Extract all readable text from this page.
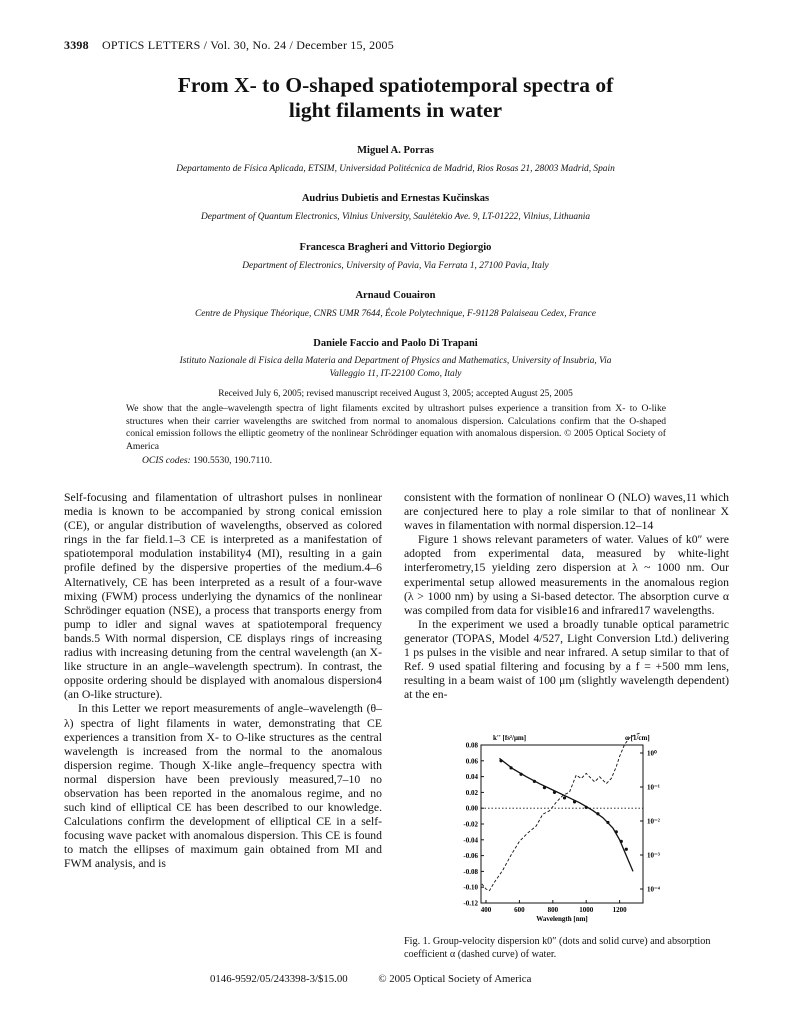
3398 OPTICS LETTERS / Vol. 30, No. 24 / December 15, 2005
From X- to O-shaped spatiotemporal spectra of
light filaments in water
Miguel A. Porras
Departamento de Física Aplicada, ETSIM, Universidad Politécnica de Madrid, Rios Rosas 21, 28003 Madrid, Spain
Audrius Dubietis and Ernestas Kučinskas
Department of Quantum Electronics, Vilnius University, Saulėtekio Ave. 9, LT-01222, Vilnius, Lithuania
Francesca Bragheri and Vittorio Degiorgio
Department of Electronics, University of Pavia, Via Ferrata 1, 27100 Pavia, Italy
Arnaud Couairon
Centre de Physique Théorique, CNRS UMR 7644, École Polytechnique, F-91128 Palaiseau Cedex, France
Daniele Faccio and Paolo Di Trapani
Istituto Nazionale di Fisica della Materia and Department of Physics and Mathematics, University of Insubria, Via
Valleggio 11, IT-22100 Como, Italy
Received July 6, 2005; revised manuscript received August 3, 2005; accepted August 25, 2005
We show that the angle–wavelength spectra of light filaments excited by ultrashort pulses experience a transition from X- to O-like structures when their carrier wavelengths are switched from normal to anomalous dispersion. Calculations confirm that the O-shaped conical emission follows the elliptic geometry of the nonlinear Schrödinger equation with anomalous dispersion. © 2005 Optical Society of America
OCIS codes: 190.5530, 190.7110.

Self-focusing and filamentation of ultrashort pulses in nonlinear media is known to be accompanied by strong conical emission (CE), or angular distribution of wavelengths, observed as colored rings in the far field.1–3 CE is interpreted as a manifestation of spatiotemporal modulation instability4 (MI), resulting in a gain profile defined by the dispersive properties of the medium.4–6 Alternatively, CE has been interpreted as a result of a four-wave mixing (FWM) process underlying the dynamics of the nonlinear Schrödinger equation (NSE), a process that transports energy from pump to idler and signal waves at spatiotemporal frequency bands.5 With normal dispersion, CE displays rings of increasing radius with increasing detuning from the central wavelength (an X-like structure in an angle–wavelength spectrum). In contrast, the opposite ordering should be displayed with anomalous dispersion4 (an O-like structure).

In this Letter we report measurements of angle–wavelength (θ–λ) spectra of light filaments in water, demonstrating that CE experiences a transition from X- to O-like structures as the central wavelength is increased from the normal to the anomalous dispersion regime. Though X-like angle–frequency spectra with normal dispersion have been previously measured,7–10 no observation has been reported in the anomalous regime, and no such kind of elliptical CE has been described to our knowledge. Calculations confirm the development of elliptical CE in a self-focusing wave packet with anomalous dispersion. This CE is found to match the ellipses of maximum gain obtained from MI and FWM analysis, and is

consistent with the formation of nonlinear O (NLO) waves,11 which are conjectured here to play a role similar to that of nonlinear X waves in filamentation with normal dispersion.12–14

Figure 1 shows relevant parameters of water. Values of k0″ were adopted from experimental data, measured by white-light interferometry,15 yielding zero dispersion at λ ~ 1000 nm. Our experimental setup allowed measurements in the anomalous region (λ > 1000 nm) by using a Si-based detector. The absorption curve α was compiled from data for visible16 and infrared17 wavelengths.

In the experiment we used a broadly tunable optical parametric generator (TOPAS, Model 4/527, Light Conversion Ltd.) delivering 1 ps pulses in the visible and near infrared. A setup similar to that of Ref. 9 used spatial filtering and focusing by a f = +500 mm lens, resulting in a beam waist of 100 μm (slightly wavelength dependent) at the en-

0.08
0.06
0.04
0.02
0.00
-0.02
-0.04
-0.06
-0.08
-0.10
-0.12
400	600	800	1000	1200
10⁰
10⁻¹
10⁻²
10⁻³
10⁻⁴
k'' [fs²/μm]	α [1/cm]
Wavelength [nm]
Fig. 1. Group-velocity dispersion k0″ (dots and solid curve) and absorption coefficient α (dashed curve) of water.
0146-9592/05/243398-3/$15.00	© 2005 Optical Society of America
